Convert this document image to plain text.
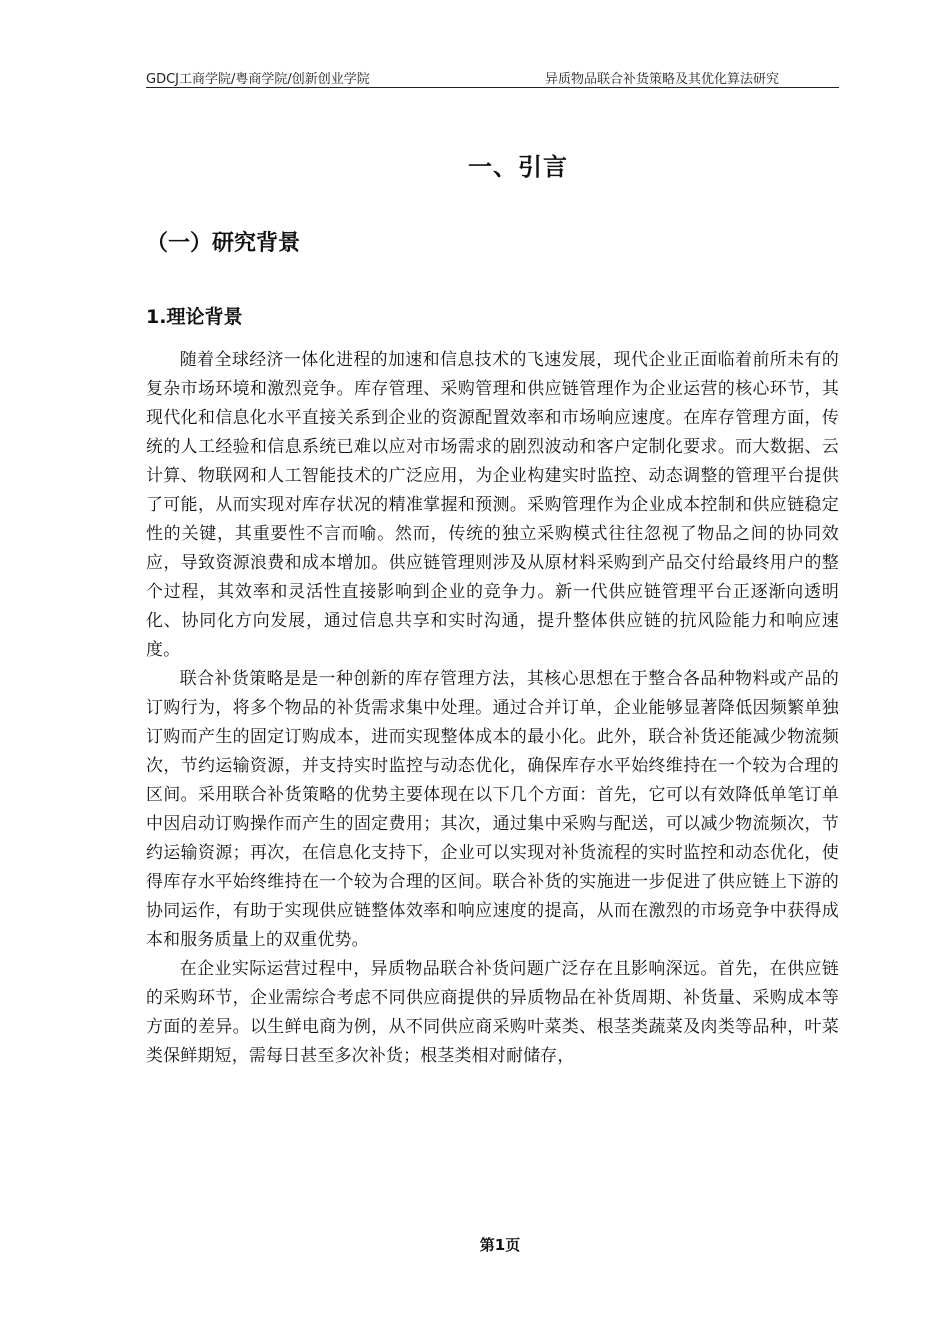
GDCJ工商学院/粤商学院/创新创业学院	异质物品联合补货策略及其优化算法研究
一、引言
（一）研究背景
1.理论背景

随着全球经济一体化进程的加速和信息技术的飞速发展，现代企业正面临着前所未有的复杂市场环境和激烈竞争。库存管理、采购管理和供应链管理作为企业运营的核心环节，其现代化和信息化水平直接关系到企业的资源配置效率和市场响应速度。在库存管理方面，传统的人工经验和信息系统已难以应对市场需求的剧烈波动和客户定制化要求。而大数据、云计算、物联网和人工智能技术的广泛应用，为企业构建实时监控、动态调整的管理平台提供了可能，从而实现对库存状况的精准掌握和预测。采购管理作为企业成本控制和供应链稳定性的关键，其重要性不言而喻。然而，传统的独立采购模式往往忽视了物品之间的协同效应，导致资源浪费和成本增加。供应链管理则涉及从原材料采购到产品交付给最终用户的整个过程，其效率和灵活性直接影响到企业的竞争力。新一代供应链管理平台正逐渐向透明化、协同化方向发展，通过信息共享和实时沟通，提升整体供应链的抗风险能力和响应速度。

联合补货策略是是一种创新的库存管理方法，其核心思想在于整合各品种物料或产品的订购行为，将多个物品的补货需求集中处理。通过合并订单，企业能够显著降低因频繁单独订购而产生的固定订购成本，进而实现整体成本的最小化。此外，联合补货还能减少物流频次，节约运输资源，并支持实时监控与动态优化，确保库存水平始终维持在一个较为合理的区间。采用联合补货策略的优势主要体现在以下几个方面：首先，它可以有效降低单笔订单中因启动订购操作而产生的固定费用；其次，通过集中采购与配送，可以减少物流频次，节约运输资源；再次，在信息化支持下，企业可以实现对补货流程的实时监控和动态优化，使得库存水平始终维持在一个较为合理的区间。联合补货的实施进一步促进了供应链上下游的协同运作，有助于实现供应链整体效率和响应速度的提高，从而在激烈的市场竞争中获得成本和服务质量上的双重优势。

在企业实际运营过程中，异质物品联合补货问题广泛存在且影响深远。首先，在供应链的采购环节，企业需综合考虑不同供应商提供的异质物品在补货周期、补货量、采购成本等方面的差异。以生鲜电商为例，从不同供应商采购叶菜类、根茎类蔬菜及肉类等品种，叶菜类保鲜期短，需每日甚至多次补货；根茎类相对耐储存，

第1页
